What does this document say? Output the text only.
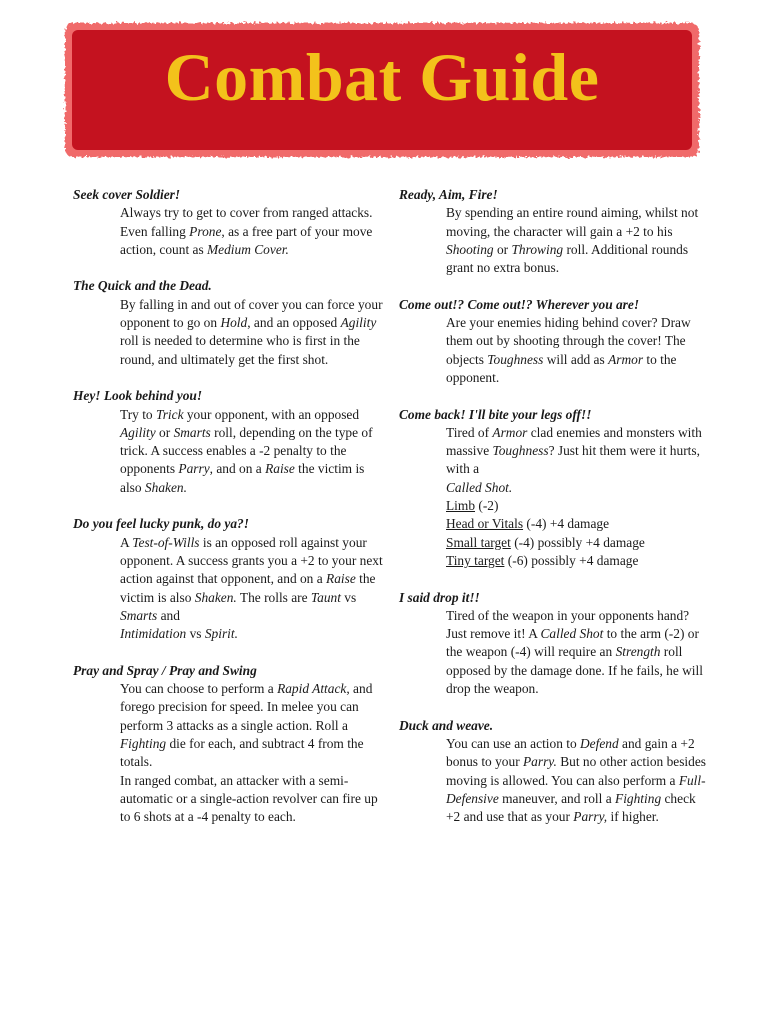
Combat Guide
Seek cover Soldier!

Always try to get to cover from ranged attacks.

Even falling Prone, as a free part of your move action, count as Medium Cover.

The Quick and the Dead.

By falling in and out of cover you can force your opponent to go on Hold, and an opposed Agility roll is needed to determine who is first in the round, and ultimately get the first shot.

Hey! Look behind you!

Try to Trick your opponent, with an opposed Agility or Smarts roll, depending on the type of trick. A success enables a -2 penalty to the opponents Parry, and on a Raise the victim is also Shaken.

Do you feel lucky punk, do ya?!

A Test-of-Wills is an opposed roll against your opponent. A success grants you a +2 to your next action against that opponent, and on a Raise the victim is also Shaken. The rolls are Taunt vs Smarts and

Intimidation vs Spirit.

Pray and Spray / Pray and Swing

You can choose to perform a Rapid Attack, and forego precision for speed. In melee you can perform 3 attacks as a single action. Roll a Fighting die for each, and subtract 4 from the totals.

In ranged combat, an attacker with a semi-automatic or a single-action revolver can fire up to 6 shots at a -4 penalty to each.

Ready, Aim, Fire!

By spending an entire round aiming, whilst not moving, the character will gain a +2 to his Shooting or Throwing roll. Additional rounds grant no extra bonus.

Come out!? Come out!? Wherever you are!

Are your enemies hiding behind cover? Draw them out by shooting through the cover! The objects Toughness will add as Armor to the opponent.

Come back! I'll bite your legs off!!

Tired of Armor clad enemies and monsters with massive Toughness? Just hit them were it hurts, with a

Called Shot.

Limb (-2)

Head or Vitals (-4) +4 damage

Small target (-4) possibly +4 damage

Tiny target (-6) possibly +4 damage

I said drop it!!

Tired of the weapon in your opponents hand? Just remove it! A Called Shot to the arm (-2) or the weapon (-4) will require an Strength roll opposed by the damage done. If he fails, he will drop the weapon.

Duck and weave.

You can use an action to Defend and gain a +2 bonus to your Parry. But no other action besides moving is allowed. You can also perform a Full-Defensive maneuver, and roll a Fighting check +2 and use that as your Parry, if higher.
